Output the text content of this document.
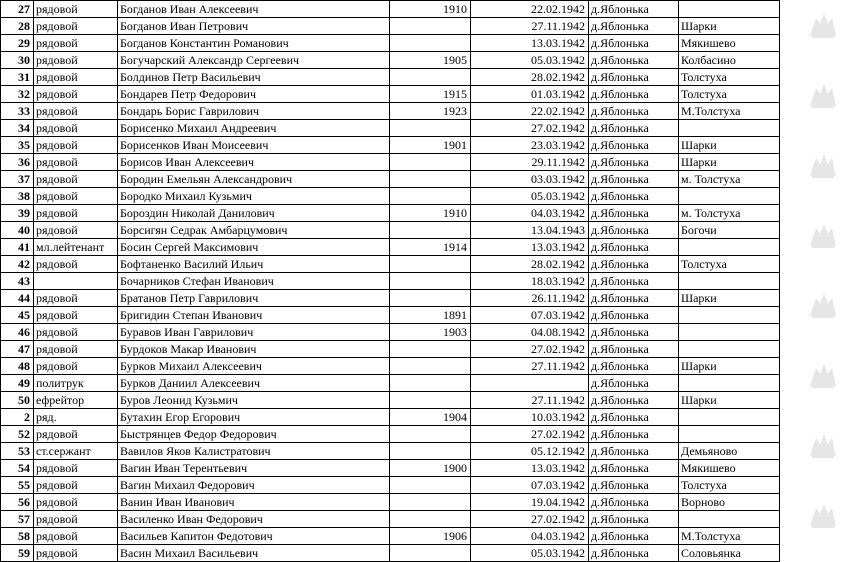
27	рядовой	Богданов Иван Алексеевич	1910	22.02.1942	д.Яблонька	
28	рядовой	Богданов Иван Петрович		27.11.1942	д.Яблонька	Шарки
29	рядовой	Богданов Константин Романович		13.03.1942	д.Яблонька	Мякишево
30	рядовой	Богучарский Александр Сергеевич	1905	05.03.1942	д.Яблонька	Колбасино
31	рядовой	Болдинов Петр Васильевич		28.02.1942	д.Яблонька	Толстуха
32	рядовой	Бондарев Петр Федорович	1915	01.03.1942	д.Яблонька	Толстуха
33	рядовой	Бондарь Борис Гаврилович	1923	22.02.1942	д.Яблонька	М.Толстуха
34	рядовой	Борисенко Михаил Андреевич		27.02.1942	д.Яблонька	
35	рядовой	Борисенков Иван Моисеевич	1901	23.03.1942	д.Яблонька	Шарки
36	рядовой	Борисов Иван Алексеевич		29.11.1942	д.Яблонька	Шарки
37	рядовой	Бородин Емельян Александрович		03.03.1942	д.Яблонька	м. Толстуха
38	рядовой	Бородко Михаил Кузьмич		05.03.1942	д.Яблонька	
39	рядовой	Бороздин Николай Данилович	1910	04.03.1942	д.Яблонька	м. Толстуха
40	рядовой	Борсигян Седрак Амбарцумович		13.04.1943	д.Яблонька	Богочи
41	мл.лейтенант	Босин Сергей Максимович	1914	13.03.1942	д.Яблонька	
42	рядовой	Бофтаненко Василий Ильич		28.02.1942	д.Яблонька	Толстуха
43		Бочарников Стефан Иванович		18.03.1942	д.Яблонька	
44	рядовой	Братанов Петр Гаврилович		26.11.1942	д.Яблонька	Шарки
45	рядовой	Бригидин Степан Иванович	1891	07.03.1942	д.Яблонька	
46	рядовой	Буравов Иван Гаврилович	1903	04.08.1942	д.Яблонька	
47	рядовой	Бурдоков Макар Иванович		27.02.1942	д.Яблонька	
48	рядовой	Бурков Михаил Алексеевич		27.11.1942	д.Яблонька	Шарки
49	политрук	Бурков Даниил Алексеевич			д.Яблонька	
50	ефрейтор	Буров Леонид Кузьмич		27.11.1942	д.Яблонька	Шарки
2	ряд.	Бутахин Егор Егорович	1904	10.03.1942	д.Яблонька	
52	рядовой	Быстрянцев Федор Федорович		27.02.1942	д.Яблонька	
53	ст.сержант	Вавилов Яков Калистратович		05.12.1942	д.Яблонька	Демьяново
54	рядовой	Вагин Иван Терентьевич	1900	13.03.1942	д.Яблонька	Мякишево
55	рядовой	Вагин Михаил Федорович		07.03.1942	д.Яблонька	Толстуха
56	рядовой	Ванин Иван Иванович		19.04.1942	д.Яблонька	Ворново
57	рядовой	Василенко Иван Федорович		27.02.1942	д.Яблонька	
58	рядовой	Васильев Капитон Федотович	1906	04.03.1942	д.Яблонька	М.Толстуха
59	рядовой	Васин Михаил Васильевич		05.03.1942	д.Яблонька	Соловьянка
